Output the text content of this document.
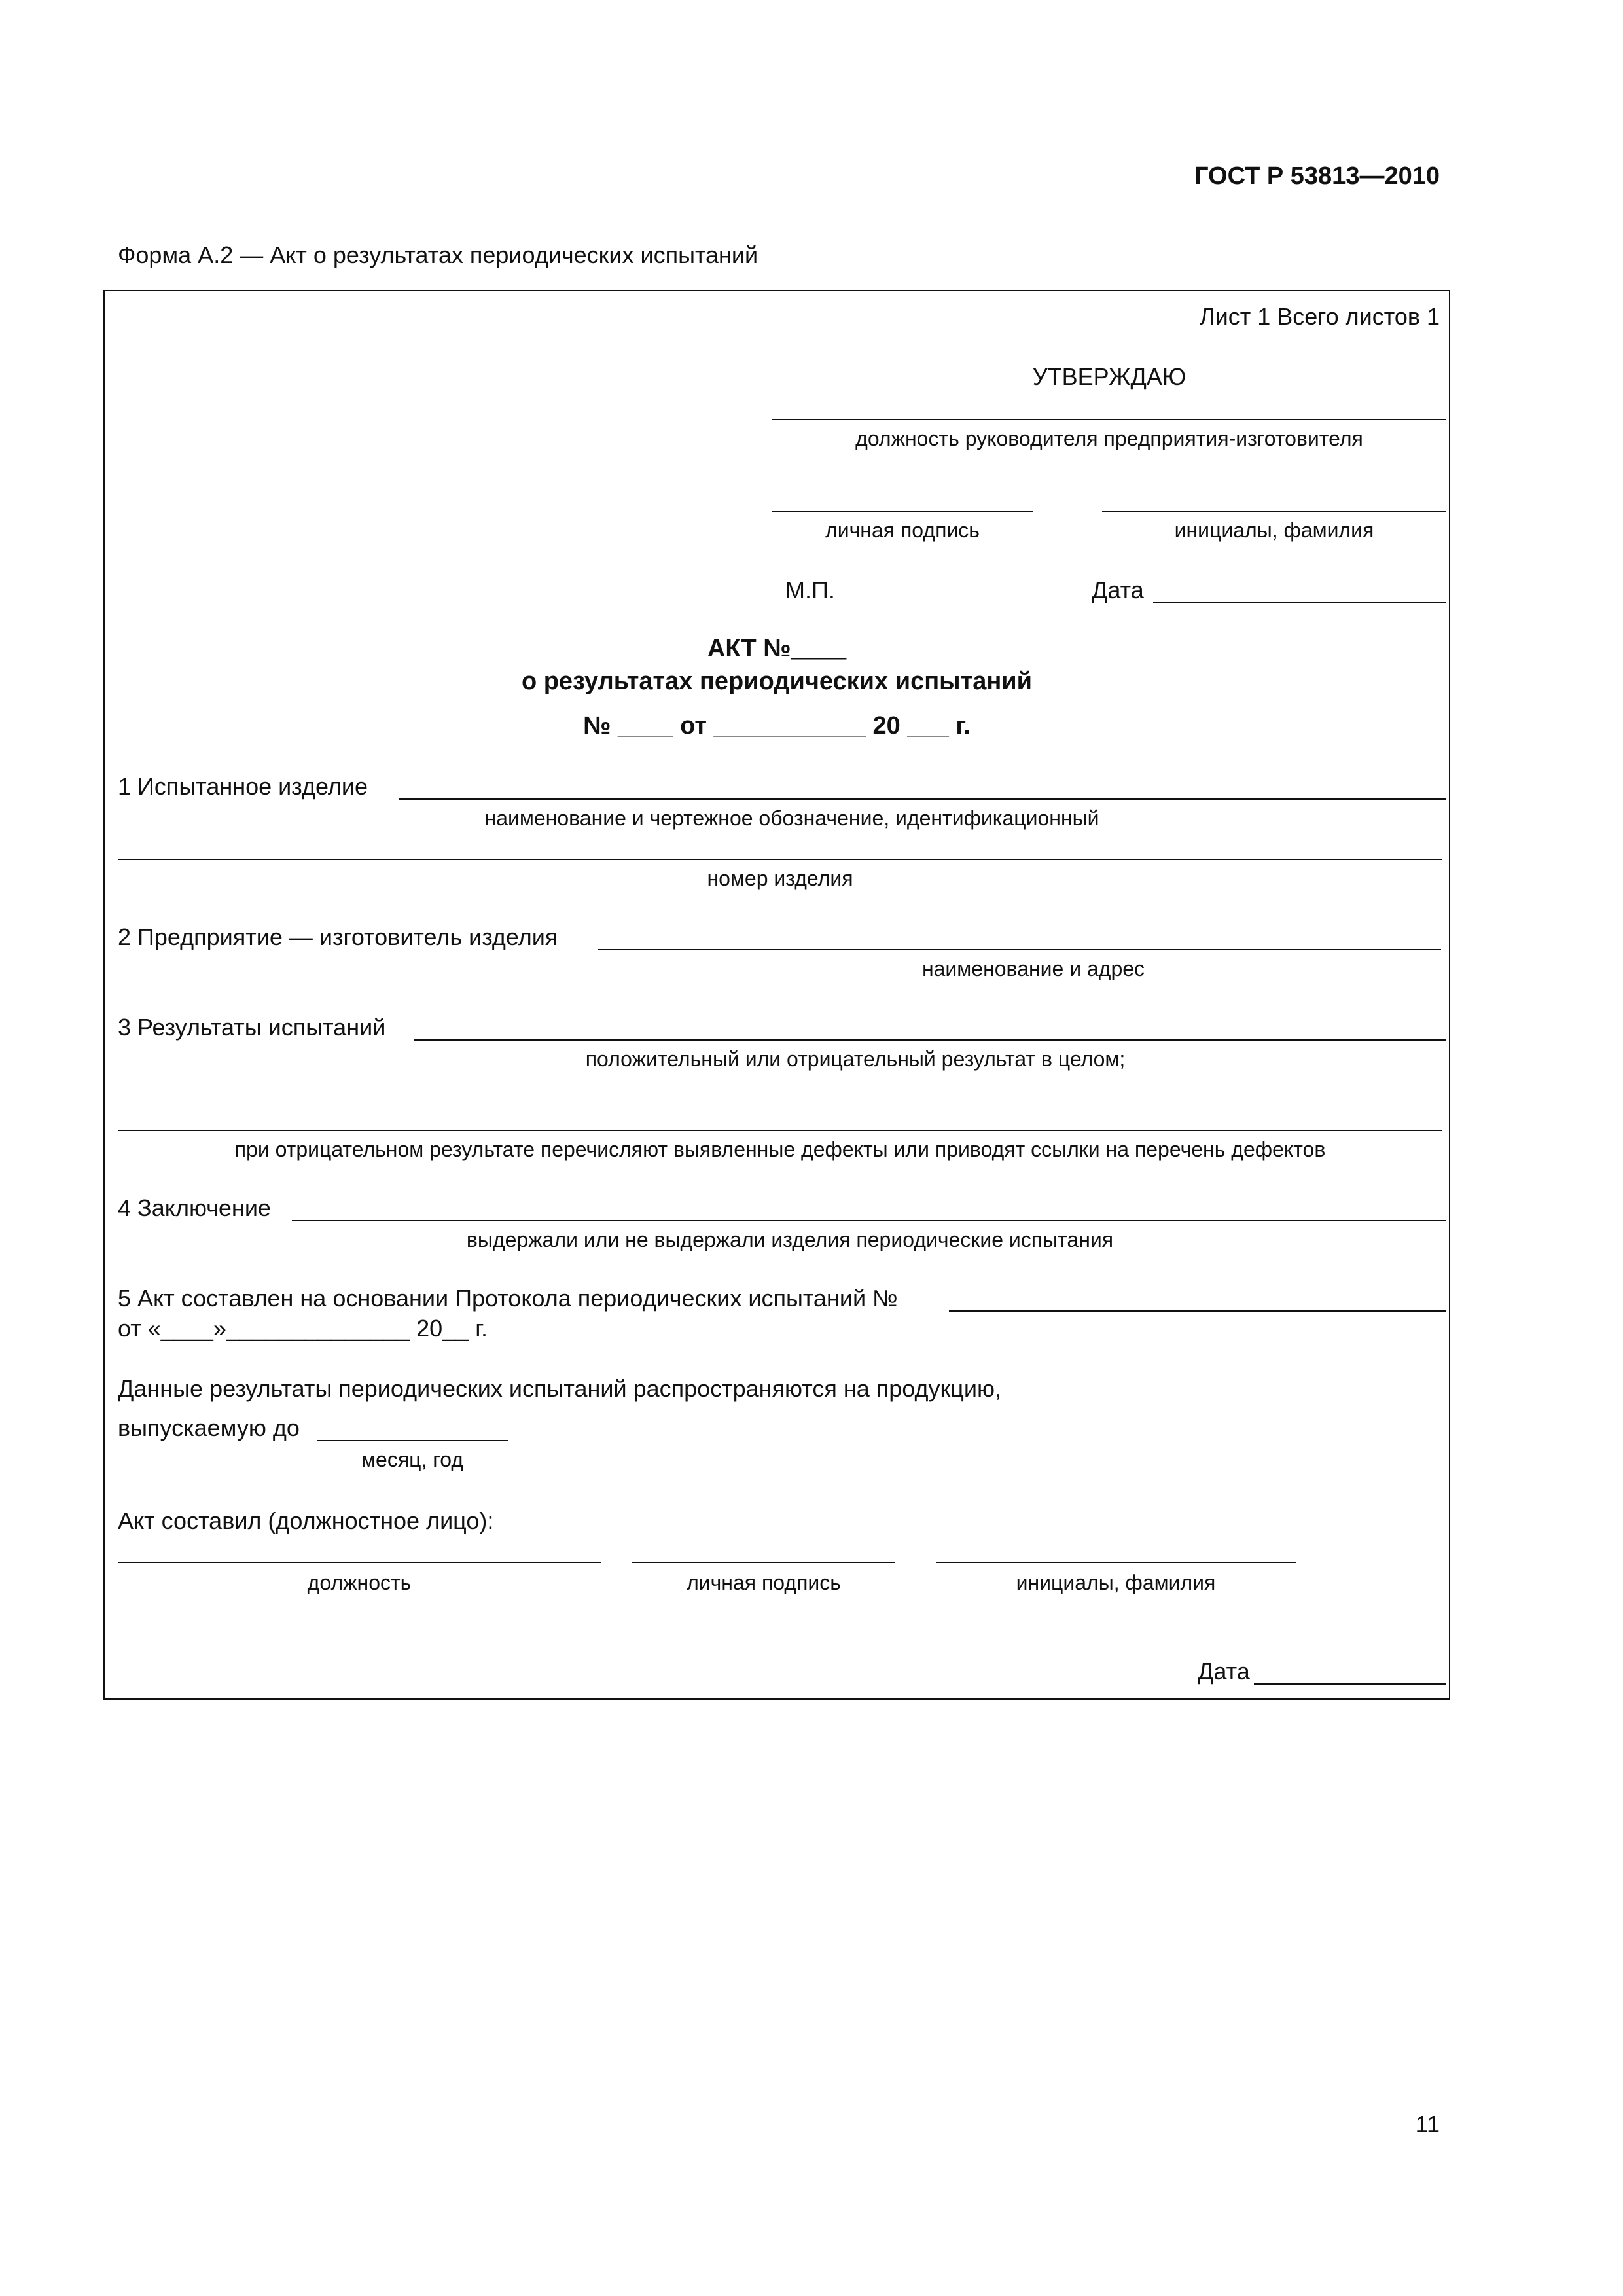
ГОСТ Р 53813—2010
Форма А.2 — Акт о результатах периодических испытаний
Лист 1 Всего листов 1
УТВЕРЖДАЮ
должность руководителя предприятия-изготовителя
личная подпись	инициалы, фамилия
М.П.	Дата
АКТ №____
о результатах периодических испытаний
№ ____ от ___________ 20 ___ г.
1 Испытанное изделие
наименование и чертежное обозначение, идентификационный
номер изделия
2 Предприятие — изготовитель изделия
наименование и адрес
3 Результаты испытаний
положительный или отрицательный результат в целом;
при отрицательном результате перечисляют выявленные дефекты или приводят ссылки на перечень дефектов
4 Заключение
выдержали или не выдержали изделия периодические испытания
5 Акт составлен на основании Протокола периодических испытаний №
от «____»______________ 20__ г.
Данные результаты периодических испытаний распространяются на продукцию,
выпускаемую до
месяц, год
Акт составил (должностное лицо):
должность	личная подпись	инициалы, фамилия
Дата
11
